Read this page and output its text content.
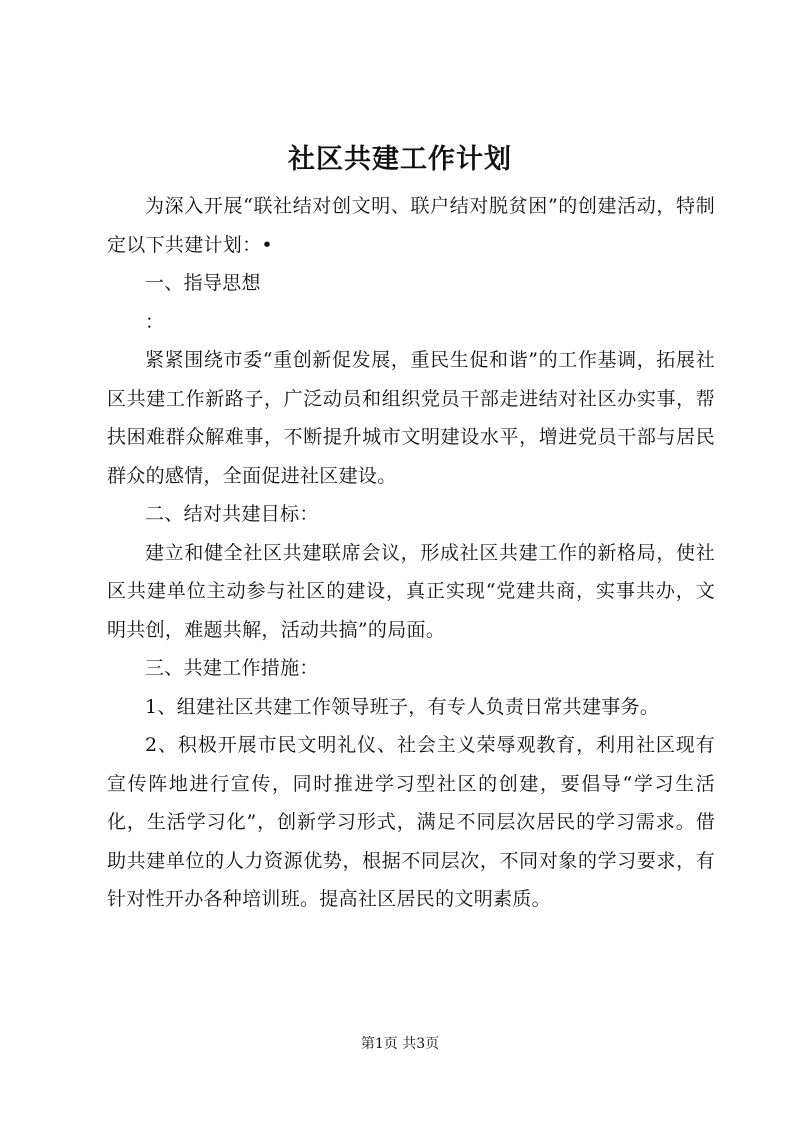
社区共建工作计划

为深入开展“联社结对创文明、联户结对脱贫困”的创建活动，特制定以下共建计划：•

一、指导思想

：

紧紧围绕市委“重创新促发展，重民生促和谐”的工作基调，拓展社区共建工作新路子，广泛动员和组织党员干部走进结对社区办实事，帮扶困难群众解难事，不断提升城市文明建设水平，增进党员干部与居民群众的感情，全面促进社区建设。

二、结对共建目标：

建立和健全社区共建联席会议，形成社区共建工作的新格局，使社区共建单位主动参与社区的建设，真正实现“党建共商，实事共办，文明共创，难题共解，活动共搞”的局面。

三、共建工作措施：

1、组建社区共建工作领导班子，有专人负责日常共建事务。

2、积极开展市民文明礼仪、社会主义荣辱观教育，利用社区现有宣传阵地进行宣传，同时推进学习型社区的创建，要倡导“学习生活化，生活学习化”，创新学习形式，满足不同层次居民的学习需求。借助共建单位的人力资源优势，根据不同层次，不同对象的学习要求，有针对性开办各种培训班。提高社区居民的文明素质。

第1页 共3页
